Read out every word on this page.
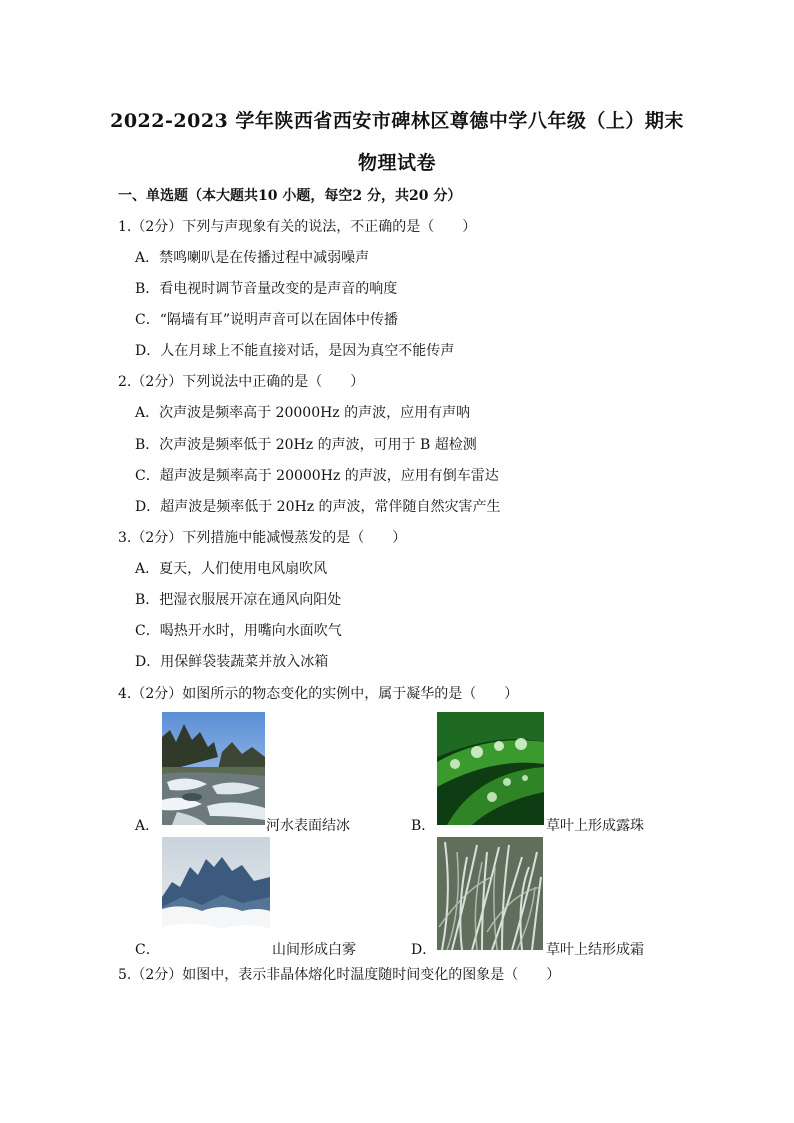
2022-2023 学年陕西省西安市碑林区尊德中学八年级（上）期末
物理试卷
一、单选题（本大题共10 小题，每空2 分，共20 分）
1.（2分）下列与声现象有关的说法，不正确的是（　　）
A．禁鸣喇叭是在传播过程中减弱噪声
B．看电视时调节音量改变的是声音的响度
C．“隔墙有耳”说明声音可以在固体中传播
D．人在月球上不能直接对话，是因为真空不能传声
2.（2分）下列说法中正确的是（　　）
A．次声波是频率高于 20000Hz 的声波，应用有声呐
B．次声波是频率低于 20Hz 的声波，可用于 B 超检测
C．超声波是频率高于 20000Hz 的声波，应用有倒车雷达
D．超声波是频率低于 20Hz 的声波，常伴随自然灾害产生
3.（2分）下列措施中能减慢蒸发的是（　　）
A．夏天，人们使用电风扇吹风
B．把湿衣服展开凉在通风向阳处
C．喝热开水时，用嘴向水面吹气
D．用保鲜袋装蔬菜并放入冰箱
4.（2分）如图所示的物态变化的实例中，属于凝华的是（　　）
A．	河水表面结冰	B．	草叶上形成露珠
C．	山间形成白雾	D．	草叶上结形成霜
5.（2分）如图中，表示非晶体熔化时温度随时间变化的图象是（　　）
